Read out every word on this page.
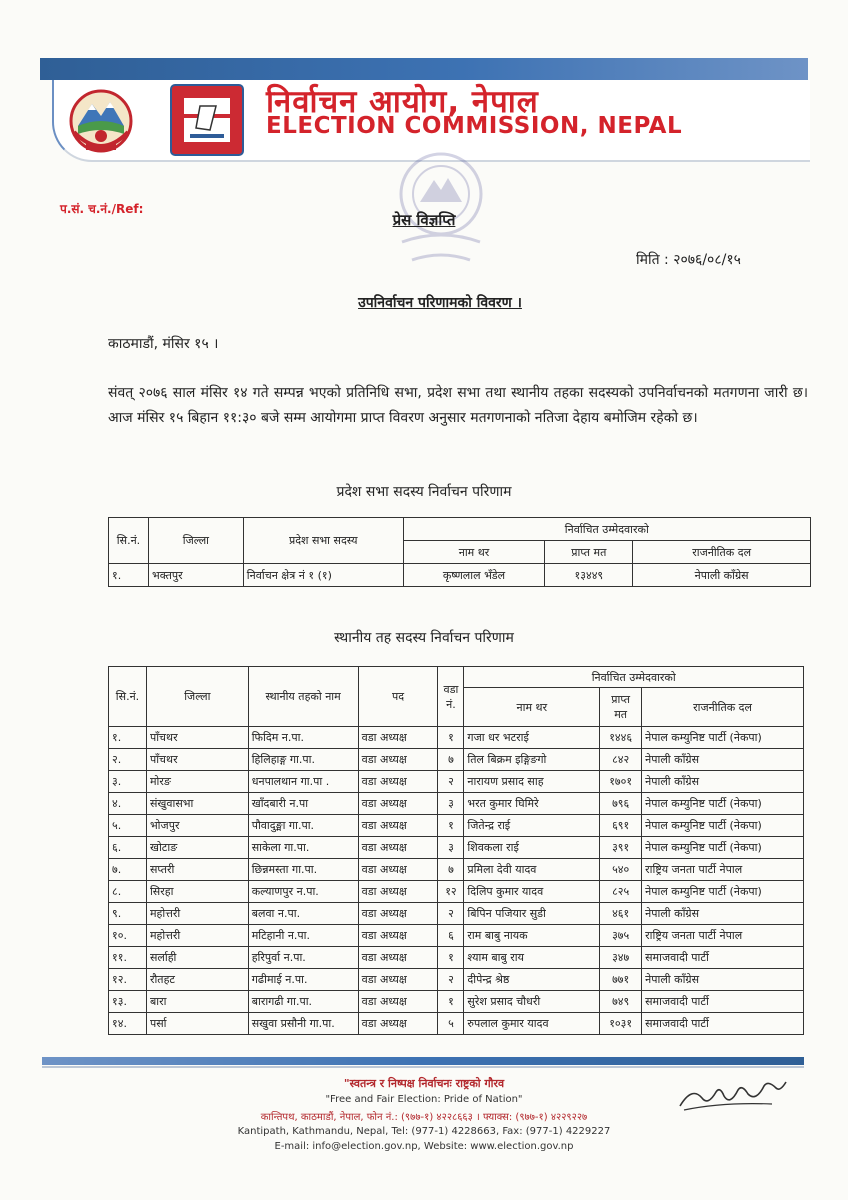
निर्वाचन आयोग, नेपाल
ELECTION COMMISSION, NEPAL
प.सं. च.नं./Ref:
प्रेस विज्ञप्ति
मिति : २०७६/०८/१५
उपनिर्वाचन परिणामको विवरण ।
काठमाडौं, मंसिर १५ ।
संवत् २०७६ साल मंसिर १४ गते सम्पन्न भएको प्रतिनिधि सभा, प्रदेश सभा तथा स्थानीय तहका सदस्यको उपनिर्वाचनको मतगणना जारी छ। आज मंसिर १५ बिहान ११:३० बजे सम्म आयोगमा प्राप्त विवरण अनुसार मतगणनाको नतिजा देहाय बमोजिम रहेको छ।
प्रदेश सभा सदस्य निर्वाचन परिणाम
सि.नं.	जिल्ला	प्रदेश सभा सदस्य	निर्वाचित उम्मेदवारको		
			नाम थर	प्राप्त मत	राजनीतिक दल
१.	भक्तपुर	निर्वाचन क्षेत्र नं १ (१)	कृष्णलाल भँडेल	१३४४९	नेपाली काँग्रेस
स्थानीय तह सदस्य निर्वाचन परिणाम
सि.नं.	जिल्ला	स्थानीय तहको नाम	पद	वडा नं.	निर्वाचित उम्मेदवारको		
					नाम थर	प्राप्त मत	राजनीतिक दल
१.	पाँचथर	फिदिम न.पा.	वडा अध्यक्ष	१	गजा धर भटराई	१४४६	नेपाल कम्युनिष्ट पार्टी (नेकपा)
२.	पाँचथर	हिलिहाङ्ग गा.पा.	वडा अध्यक्ष	७	तिल बिक्रम इङ्गिङगो	८४२	नेपाली काँग्रेस
३.	मोरङ	धनपालथान गा.पा .	वडा अध्यक्ष	२	नारायण प्रसाद साह	१७०१	नेपाली काँग्रेस
४.	संखुवासभा	खाँदबारी न.पा	वडा अध्यक्ष	३	भरत कुमार घिमिरे	७९६	नेपाल कम्युनिष्ट पार्टी (नेकपा)
५.	भोजपुर	पौवादुङ्मा गा.पा.	वडा अध्यक्ष	१	जितेन्द्र राई	६९१	नेपाल कम्युनिष्ट पार्टी (नेकपा)
६.	खोटाङ	साकेला गा.पा.	वडा अध्यक्ष	३	शिवकला राई	३९१	नेपाल कम्युनिष्ट पार्टी (नेकपा)
७.	सप्तरी	छिन्नमस्ता गा.पा.	वडा अध्यक्ष	७	प्रमिला देवी यादव	५४०	राष्ट्रिय जनता पार्टी नेपाल
८.	सिरहा	कल्याणपुर न.पा.	वडा अध्यक्ष	१२	दिलिप कुमार यादव	८२५	नेपाल कम्युनिष्ट पार्टी (नेकपा)
९.	महोत्तरी	बलवा न.पा.	वडा अध्यक्ष	२	बिपिन पजियार सुडी	४६१	नेपाली काँग्रेस
१०.	महोत्तरी	मटिहानी न.पा.	वडा अध्यक्ष	६	राम बाबु नायक	३७५	राष्ट्रिय जनता पार्टी नेपाल
११.	सर्लाही	हरिपुर्वा न.पा.	वडा अध्यक्ष	१	श्याम बाबु राय	३४७	समाजवादी पार्टी
१२.	रौतहट	गढीमाई न.पा.	वडा अध्यक्ष	२	दीपेन्द्र श्रेष्ठ	७७१	नेपाली काँग्रेस
१३.	बारा	बारागढी गा.पा.	वडा अध्यक्ष	१	सुरेश प्रसाद चौधरी	७४९	समाजवादी पार्टी
१४.	पर्सा	सखुवा प्रसौनी गा.पा.	वडा अध्यक्ष	५	रुपलाल कुमार यादव	१०३१	समाजवादी पार्टी
"स्वतन्त्र र निष्पक्ष निर्वाचनः राष्ट्रको गौरव
"Free and Fair Election: Pride of Nation"
कान्तिपथ, काठमाडौं, नेपाल, फोन नं.: (९७७-१) ४२२८६६३ । फ्याक्स: (९७७-१) ४२२९२२७
Kantipath, Kathmandu, Nepal, Tel: (977-1) 4228663, Fax: (977-1) 4229227
E-mail: info@election.gov.np, Website: www.election.gov.np
